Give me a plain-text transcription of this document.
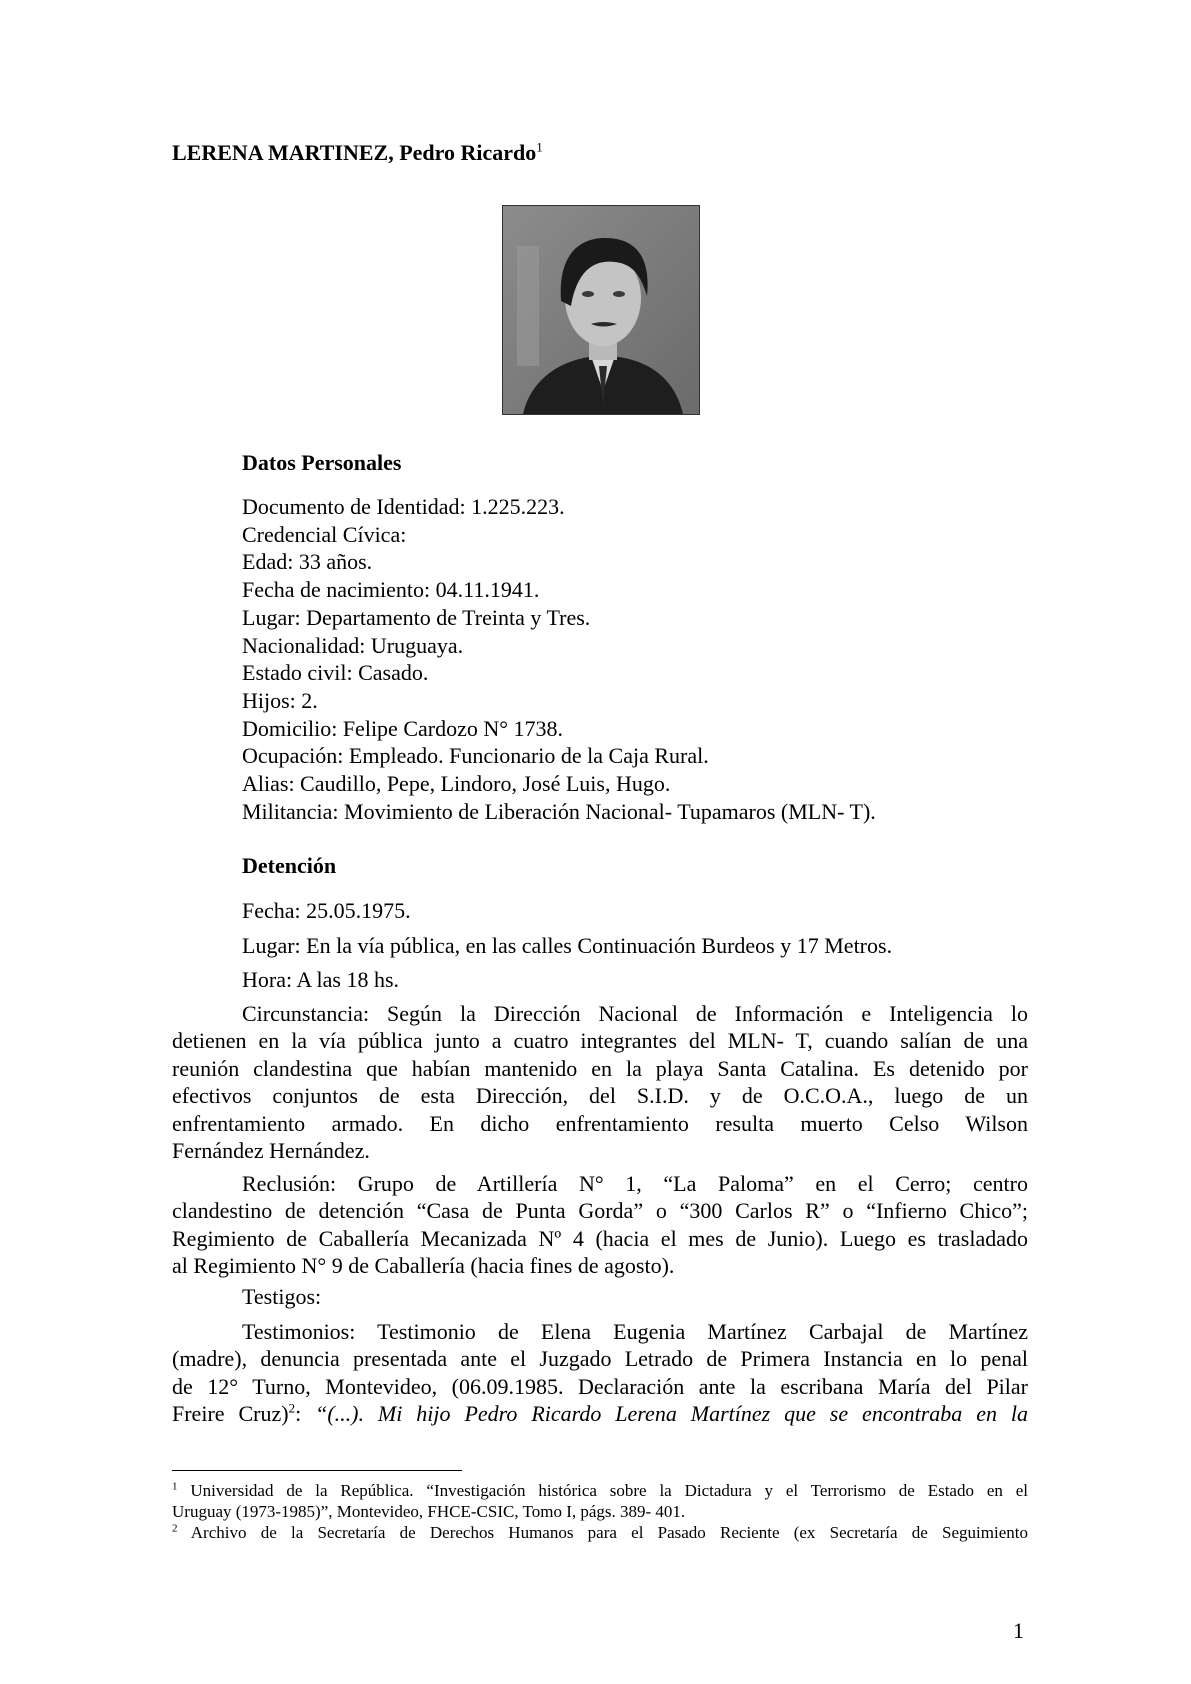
LERENA MARTINEZ, Pedro Ricardo$^1$
Datos Personales
Documento de Identidad: 1.225.223.
Credencial Cívica:
Edad: 33 años.
Fecha de nacimiento: 04.11.1941.
Lugar: Departamento de Treinta y Tres.
Nacionalidad: Uruguaya.
Estado civil: Casado.
Hijos: 2.
Domicilio: Felipe Cardozo N° 1738.
Ocupación: Empleado. Funcionario de la Caja Rural.
Alias: Caudillo, Pepe, Lindoro, José Luis, Hugo.
Militancia: Movimiento de Liberación Nacional- Tupamaros (MLN- T).
Detención
Fecha: 25.05.1975.
Lugar: En la vía pública, en las calles Continuación Burdeos y 17 Metros.
Hora: A las 18 hs.
Circunstancia: Según la Dirección Nacional de Información e Inteligencia lo
detienen en la vía pública junto a cuatro integrantes del MLN- T, cuando salían de una
reunión clandestina que habían mantenido en la playa Santa Catalina. Es detenido por
efectivos conjuntos de esta Dirección, del S.I.D. y de O.C.O.A., luego de un
enfrentamiento armado. En dicho enfrentamiento resulta muerto Celso Wilson
Fernández Hernández.
Reclusión: Grupo de Artillería N° 1, “La Paloma” en el Cerro; centro
clandestino de detención “Casa de Punta Gorda” o “300 Carlos R” o “Infierno Chico”;
Regimiento de Caballería Mecanizada Nº 4 (hacia el mes de Junio). Luego es trasladado
al Regimiento N° 9 de Caballería (hacia fines de agosto).
Testigos:
Testimonios: Testimonio de Elena Eugenia Martínez Carbajal de Martínez
(madre), denuncia presentada ante el Juzgado Letrado de Primera Instancia en lo penal
de 12° Turno, Montevideo, (06.09.1985. Declaración ante la escribana María del Pilar
Freire Cruz)$^2$: “(...). Mi hijo Pedro Ricardo Lerena Martínez que se encontraba en la
$^1$ Universidad de la República. “Investigación histórica sobre la Dictadura y el Terrorismo de Estado en el
Uruguay (1973-1985)”, Montevideo, FHCE-CSIC, Tomo I, págs. 389- 401.
$^2$ Archivo de la Secretaría de Derechos Humanos para el Pasado Reciente (ex Secretaría de Seguimiento
1
